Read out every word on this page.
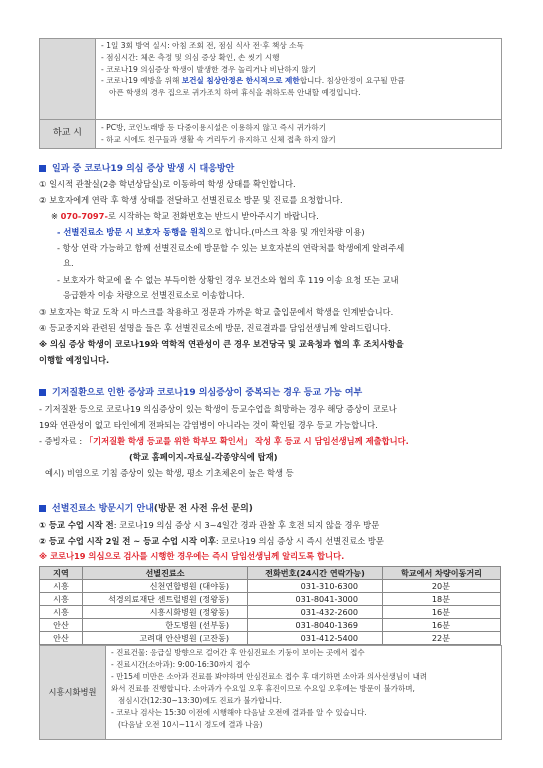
- 1일 3회 방역 실시: 아침 조회 전, 점심 식사 전·후 책상 소독
- 점심시간: 체온 측정 및 의심 증상 확인, 손 씻기 시행
- 코로나19 의심증상 학생이 발생한 경우 놀리거나 비난하지 않기
- 코로나19 예방을 위해 보건실 침상안정은 한시적으로 제한합니다. 침상안정이 요구될 만큼
아픈 학생의 경우 집으로 귀가조치 하여 휴식을 취하도록 안내할 예정입니다.
하교 시
- PC방, 코인노래방 등 다중이용시설은 이용하지 않고 즉시 귀가하기
- 하교 시에도 친구들과 생활 속 거리두기 유지하고 신체 접촉 하지 않기
일과 중 코로나19 의심 증상 발생 시 대응방안
① 일시적 관찰실(2층 학년상담실)로 이동하여 학생 상태를 확인합니다.
② 보호자에게 연락 후 학생 상태를 전달하고 선별진료소 방문 및 진료를 요청합니다.
※ 070-7097-로 시작하는 학교 전화번호는 반드시 받아주시기 바랍니다.
- 선별진료소 방문 시 보호자 동행을 원칙으로 합니다.(마스크 착용 및 개인차량 이용)
- 항상 연락 가능하고 함께 선별진료소에 방문할 수 있는 보호자분의 연락처를 학생에게 알려주세
요.
- 보호자가 학교에 올 수 없는 부득이한 상황인 경우 보건소와 협의 후 119 이송 요청 또는 교내
응급환자 이송 차량으로 선별진료소로 이송합니다.
③ 보호자는 학교 도착 시 마스크를 착용하고 정문과 가까운 학교 출입문에서 학생을 인계받습니다.
④ 등교중지와 관련된 설명을 들은 후 선별진료소에 방문, 진료결과를 담임선생님께 알려드립니다.
※ 의심 증상 학생이 코로나19와 역학적 연관성이 큰 경우 보건당국 및 교육청과 협의 후 조치사항을
이행할 예정입니다.
기저질환으로 인한 증상과 코로나19 의심증상이 중복되는 경우 등교 가능 여부
- 기저질환 등으로 코로나19 의심증상이 있는 학생이 등교수업을 희망하는 경우 해당 증상이 코로나
19와 연관성이 없고 타인에게 전파되는 감염병이 아니라는 것이 확인될 경우 등교 가능합니다.
- 증빙자료 : 「기저질환 학생 등교를 위한 학부모 확인서」 작성 후 등교 시 담임선생님께 제출합니다.
(학교 홈페이지-자료실-각종양식에 탑재)
예시) 비염으로 기침 증상이 있는 학생, 평소 기초체온이 높은 학생 등
선별진료소 방문시기 안내(방문 전 사전 유선 문의)
① 등교 수업 시작 전: 코로나19 의심 증상 시 3~4일간 경과 관찰 후 호전 되지 않을 경우 방문
② 등교 수업 시작 2일 전 ~ 등교 수업 시작 이후: 코로나19 의심 증상 시 즉시 선별진료소 방문
※ 코로나19 의심으로 검사를 시행한 경우에는 즉시 담임선생님께 알리도록 합니다.
지역	선별진료소	전화번호(24시간 연락가능)	학교에서 차량이동거리
시흥	신천연합병원 (대야동)	031-310-6300	20분
시흥	석경의료재단 센트럴병원 (정왕동)	031-8041-3000	18분
시흥	시흥시화병원 (정왕동)	031-432-2600	16분
안산	한도병원 (선부동)	031-8040-1369	16분
안산	고려대 안산병원 (고잔동)	031-412-5400	22분
시흥시화병원
- 진료건물: 응급실 방향으로 걸어간 후 안심진료소 기둥이 보이는 곳에서 접수
- 진료시간(소아과): 9:00-16:30까지 접수
- 만15세 미만은 소아과 진료를 봐야하며 안심진료소 접수 후 대기하면 소아과 의사선생님이 내려
와서 진료를 진행합니다. 소아과가 수요일 오후 휴진이므로 수요일 오후에는 방문이 불가하며,
점심시간(12:30~13:30)에도 진료가 불가합니다.
- 코로나 검사는 15:30 이전에 시행해야 다음날 오전에 결과를 알 수 있습니다.
(다음날 오전 10시~11시 정도에 결과 나옴)
